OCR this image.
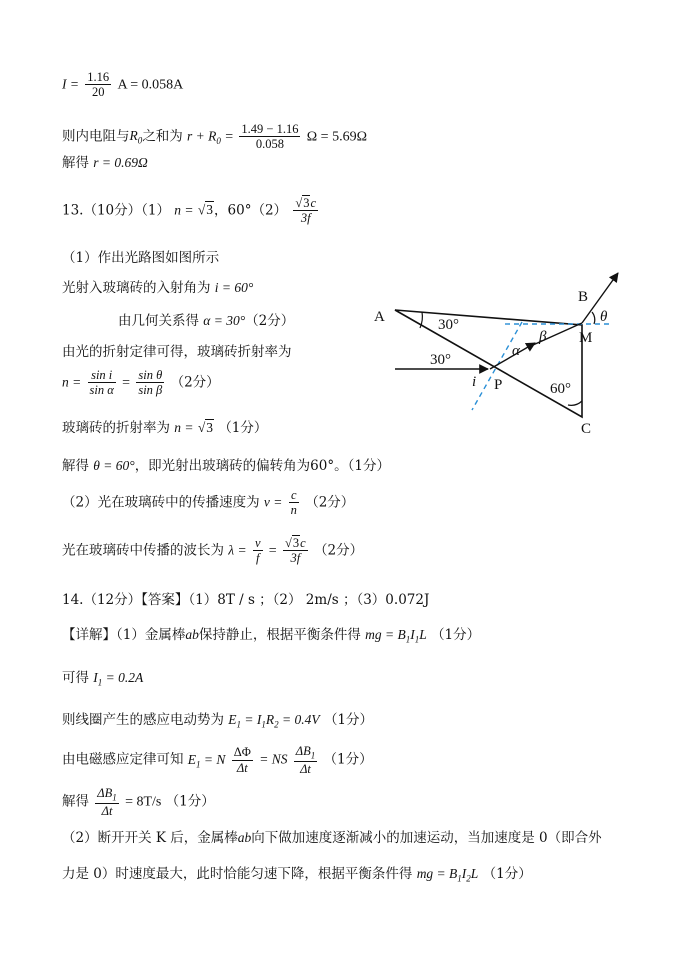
$I = \frac{1.16}{20}$ A = 0.058A
则内电阻与$R_0$之和为 $r + R_0 = \frac{1.49 - 1.16}{0.058}$ Ω = 5.69Ω
解得 r = 0.69Ω
13.（10分）（1） n = √3，$60^\circ(2) \frac{√3c}{3f}$
（1）作出光路图如图所示
光射入玻璃砖的入射角为 i = 60°
由几何关系得 α = 30°（2分）
由光的折射定律可得，玻璃砖折射率为
$n = \frac{\text{sin i}}{\text{sin α}} = \frac{\text{sin θ}}{\text{sin β}} (2$分）
玻璃砖的折射率为 n = √3 （1分）
解得 θ = 60°，即光射出玻璃砖的偏转角为60°。（1分）
（2）光在玻璃砖中的传播速度为 $v = \frac{c}{n} (2$分）
光在玻璃砖中传播的波长为 $\lambda = \frac{v}{f} = \frac{√3c}{3f} (2$分）
14.（12分）【答案】（1）8T / s ；（2） 2m/s ；（3）0.072J
【详解】（1）金属棒ab保持静止，根据平衡条件得 mg = $B_1I_1L$ （1分）
可得 $I_1 = 0.2A$
则线圈产生的感应电动势为 $E_1 = I_1R_2 = 0.4V$ （1分）
由电磁感应定律可知 $E_1 = N \frac{\Delta\Phi}{\Delta t}$ = NS $\frac{\Delta B_1}{\Delta t} (1$分）
解得 $\frac{\Delta B_1}{\Delta t} = 8T/s$ （1分）
（2）断开开关 K 后，金属棒ab向下做加速度逐渐减小的加速运动，当加速度是 0（即合外
力是 0）时速度最大，此时恰能匀速下降，根据平衡条件得 mg = $B_1I_2L$ （1分）
A
B
C
M
P
30°
30°
60°
i
α
β
θ
